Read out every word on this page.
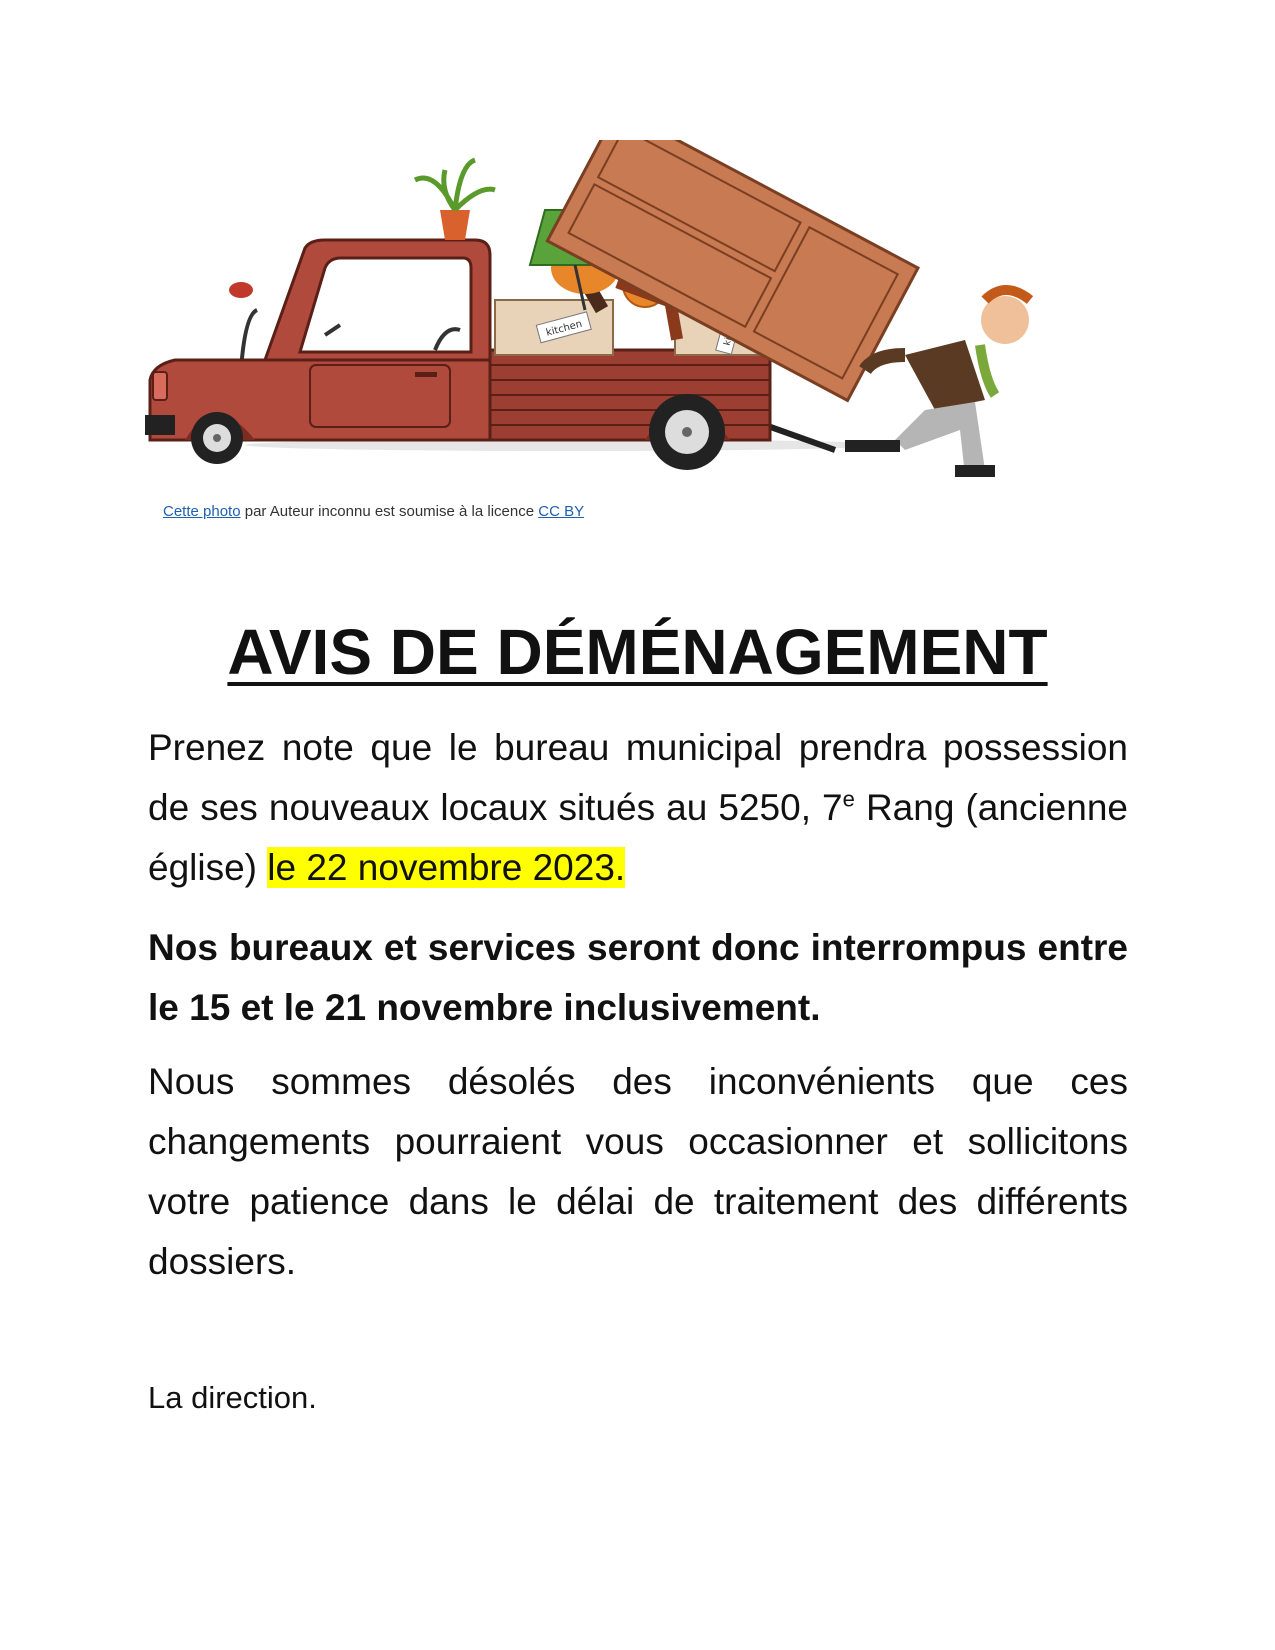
kitchen
Cette photo par Auteur inconnu est soumise à la licence CC BY
AVIS DE DÉMÉNAGEMENT

Prenez note que le bureau municipal prendra possession de ses nouveaux locaux situés au 5250, 7e Rang (ancienne église) le 22 novembre 2023.

Nos bureaux et services seront donc interrompus entre le 15 et le 21 novembre inclusivement.

Nous sommes désolés des inconvénients que ces changements pourraient vous occasionner et sollicitons votre patience dans le délai de traitement des différents dossiers.

La direction.
